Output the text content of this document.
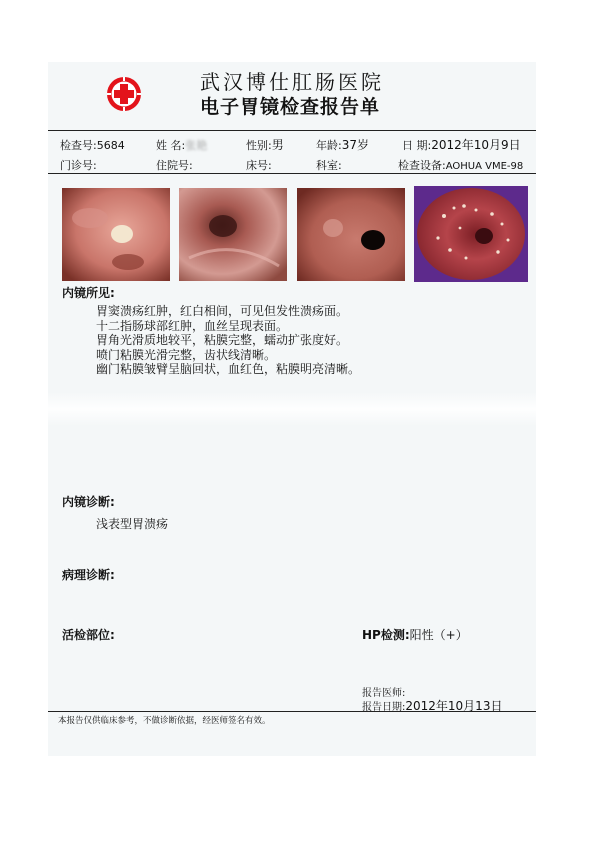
武汉博仕肛肠医院
电子胃镜检查报告单
检查号:5684	姓 名:张艳	性别:男	年龄:37岁	日 期:2012年10月9日
门诊号:	住院号:	床号:	科室:	检查设备:AOHUA VME-98
内镜所见:
胃窦溃疡红肿，红白相间，可见但发性溃疡面。
十二指肠球部红肿，血丝呈现表面。
胃角光滑质地较平，粘膜完整，蠕动扩张度好。
喷门粘膜光滑完整，齿状线清晰。
幽门粘膜皱臂呈脑回状，血红色，粘膜明亮清晰。
内镜诊断:
浅表型胃溃疡
病理诊断:
活检部位:	HP检测:阳性（+）
报告医师:
报告日期:2012年10月13日
本报告仅供临床参考，不做诊断依据，经医师签名有效。
